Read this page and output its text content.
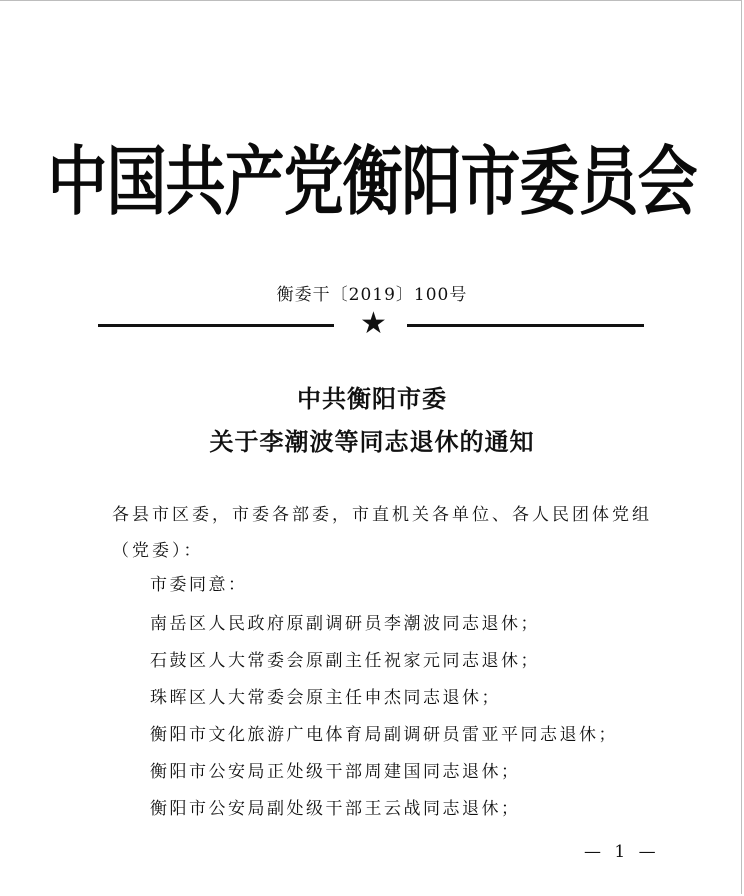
中国共产党衡阳市委员会
衡委干〔2019〕100号
★
中共衡阳市委
关于李潮波等同志退休的通知
各县市区委，市委各部委，市直机关各单位、各人民团体党组（党委）：
市委同意：
南岳区人民政府原副调研员李潮波同志退休；
石鼓区人大常委会原副主任祝家元同志退休；
珠晖区人大常委会原主任申杰同志退休；
衡阳市文化旅游广电体育局副调研员雷亚平同志退休；
衡阳市公安局正处级干部周建国同志退休；
衡阳市公安局副处级干部王云战同志退休；
— 1 —
